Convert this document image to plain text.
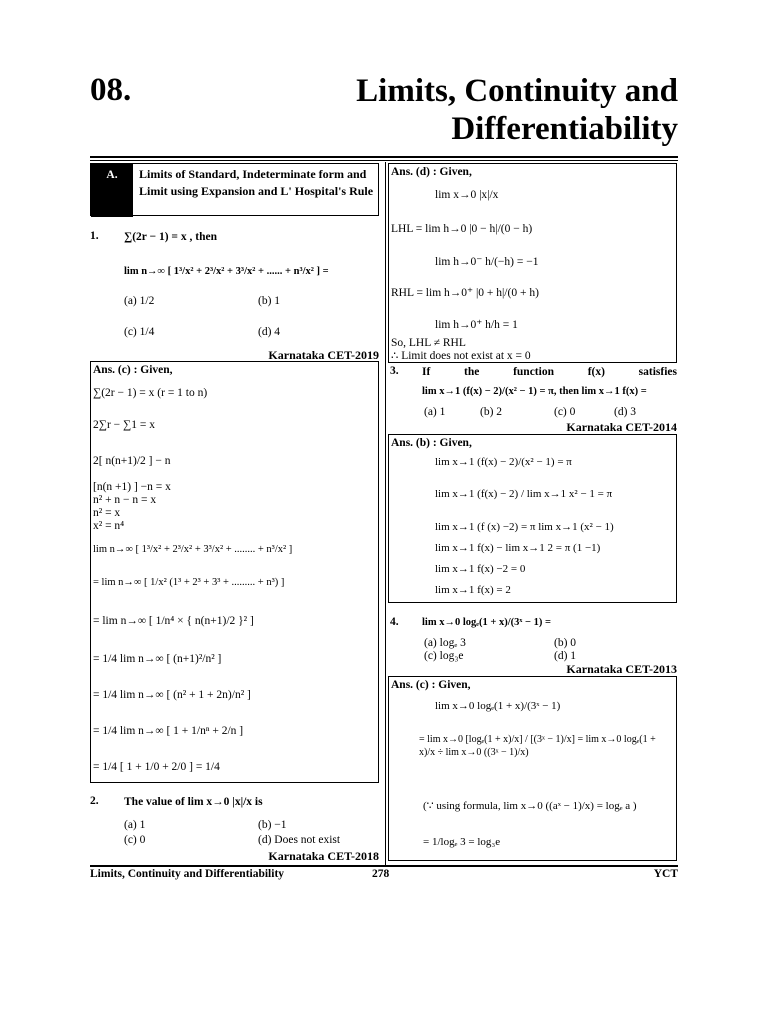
08.	Limits, Continuity and
Differentiability
A.	Limits of Standard, Indeterminate form and Limit using Expansion and L' Hospital's Rule
1. ∑(2r − 1) = x , then
lim n→∞ [ 1³/x² + 2³/x² + 3³/x² + ...... + n³/x² ] =
(a) 1/2	(b) 1
(c) 1/4	(d) 4
Karnataka CET-2019
Ans. (c) : Given,
∑(2r − 1) = x (r = 1 to n)
2∑r − ∑1 = x
2[ n(n+1)/2 ] − n
[n(n +1) ] −n = x
n² + n − n = x
n² = x
x² = n⁴
lim n→∞ [ 1³/x² + 2³/x² + 3³/x² + ........ + n³/x² ]
= lim n→∞ [ 1/x² (1³ + 2³ + 3³ + ......... + n³) ]
= lim n→∞ [ 1/n⁴ × { n(n+1)/2 }² ]
= 1/4 lim n→∞ [ (n+1)²/n² ]
= 1/4 lim n→∞ [ (n² + 1 + 2n)/n² ]
= 1/4 lim n→∞ [ 1 + 1/nⁿ + 2/n ]
= 1/4 [ 1 + 1/0 + 2/0 ] = 1/4
2. The value of lim x→0 |x|/x is
(a) 1	(b) −1
(c) 0	(d) Does not exist
Karnataka CET-2018
Ans. (d) : Given,
lim x→0 |x|/x
LHL = lim h→0 |0 − h|/(0 − h)
lim h→0⁻ h/(−h) = −1
RHL = lim h→0⁺ |0 + h|/(0 + h)
lim h→0⁺ h/h = 1
So, LHL ≠ RHL
∴ Limit does not exist at x = 0
3. If the function f(x) satisfies
lim x→1 (f(x) − 2)/(x² − 1) = π, then lim x→1 f(x) =
(a) 1	(b) 2	(c) 0	(d) 3
Karnataka CET-2014
Ans. (b) : Given,
lim x→1 (f(x) − 2)/(x² − 1) = π
lim x→1 (f(x) − 2) / lim x→1 x² − 1 = π
lim x→1 (f (x) −2) = π lim x→1 (x² − 1)
lim x→1 f(x) − lim x→1 2 = π (1 −1)
lim x→1 f(x) −2 = 0
lim x→1 f(x) = 2
4. lim x→0 logₑ(1 + x)/(3ˣ − 1) =
(a) logₑ 3	(b) 0
(c) log₃e	(d) 1
Karnataka CET-2013
Ans. (c) : Given,
lim x→0 logₑ(1 + x)/(3ˣ − 1)
= lim x→0 [logₑ(1 + x)/x] / [(3ˣ − 1)/x] = lim x→0 logₑ(1 + x)/x ÷ lim x→0 ((3ˣ − 1)/x)
(∵ using formula, lim x→0 ((aˣ − 1)/x) = logₑ a )
= 1/logₑ 3 = log₃e
Limits, Continuity and Differentiability	278	YCT
